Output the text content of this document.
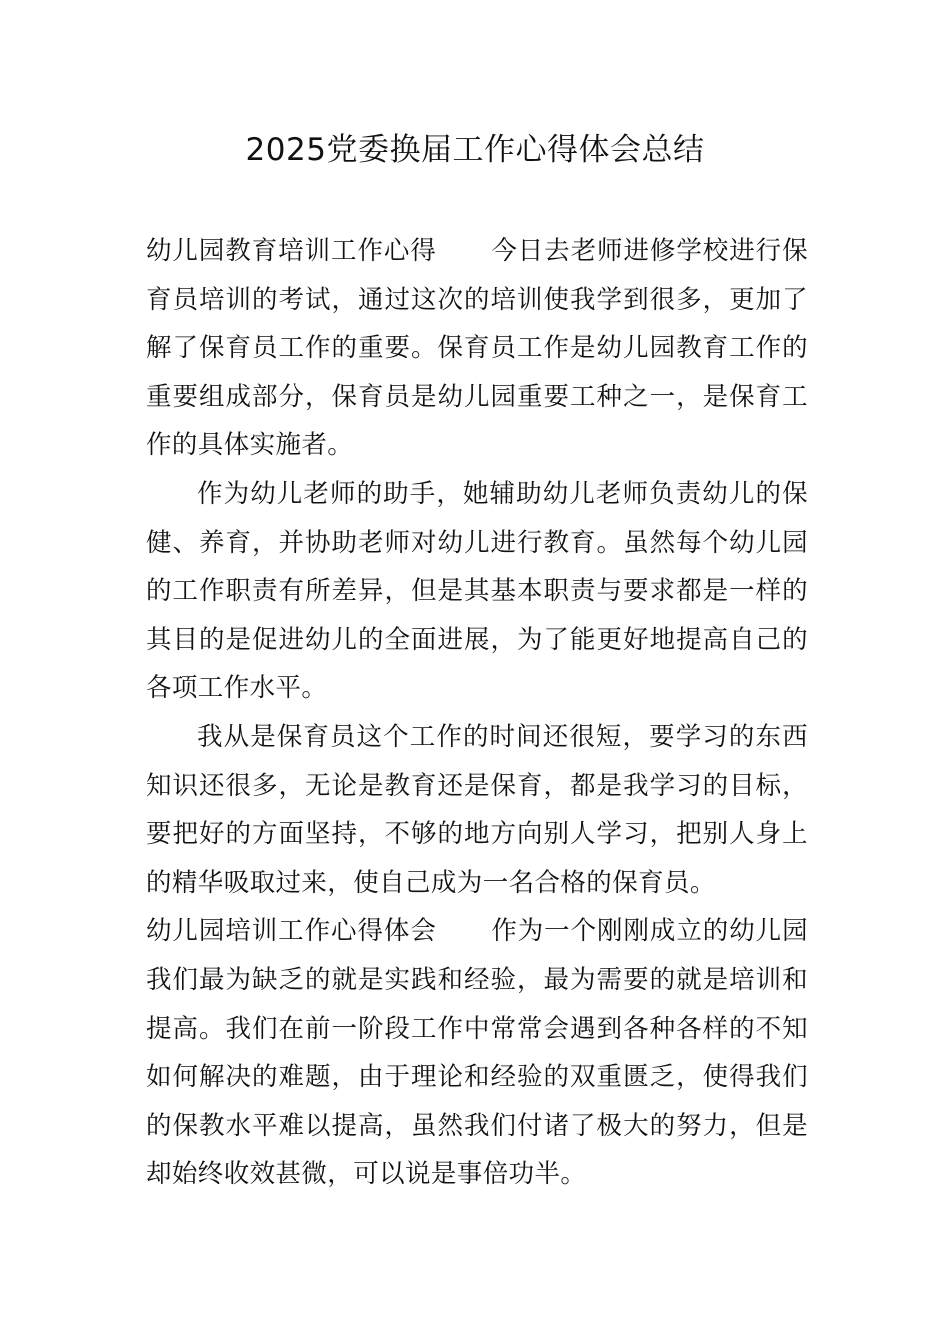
2025党委换届工作心得体会总结

幼儿园教育培训工作心得 今日去老师进修学校进行保育员培训的考试，通过这次的培训使我学到很多，更加了解了保育员工作的重要。保育员工作是幼儿园教育工作的重要组成部分，保育员是幼儿园重要工种之一，是保育工作的具体实施者。

作为幼儿老师的助手，她辅助幼儿老师负责幼儿的保健、养育，并协助老师对幼儿进行教育。虽然每个幼儿园的工作职责有所差异，但是其基本职责与要求都是一样的其目的是促进幼儿的全面进展，为了能更好地提高自己的各项工作水平。

我从是保育员这个工作的时间还很短，要学习的东西知识还很多，无论是教育还是保育，都是我学习的目标，要把好的方面坚持，不够的地方向别人学习，把别人身上的精华吸取过来，使自己成为一名合格的保育员。

幼儿园培训工作心得体会 作为一个刚刚成立的幼儿园我们最为缺乏的就是实践和经验，最为需要的就是培训和提高。我们在前一阶段工作中常常会遇到各种各样的不知如何解决的难题，由于理论和经验的双重匮乏，使得我们的保教水平难以提高，虽然我们付诸了极大的努力，但是却始终收效甚微，可以说是事倍功半。
